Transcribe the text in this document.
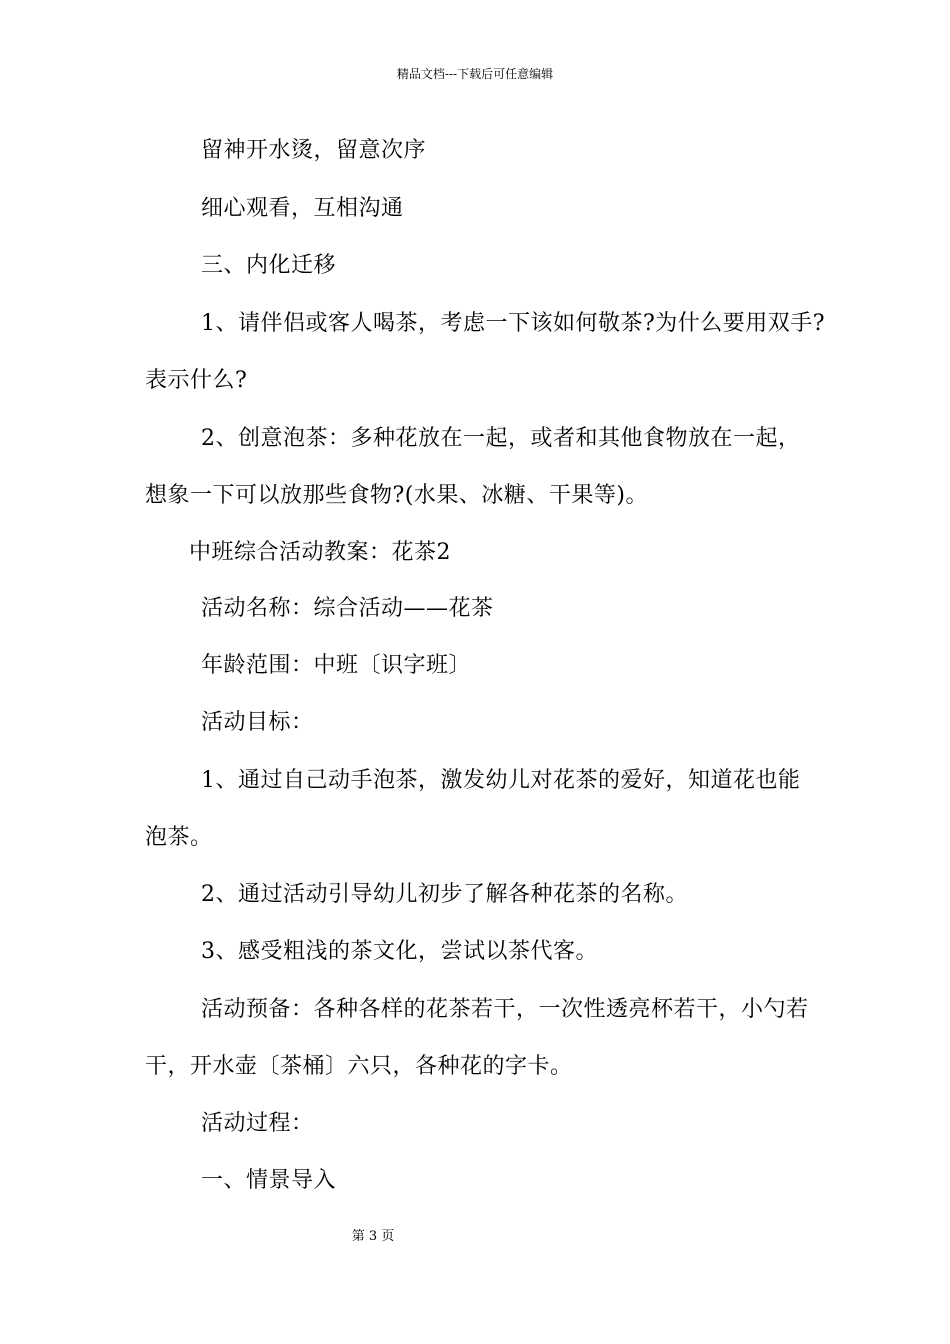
精品文档---下载后可任意编辑
留神开水烫，留意次序
细心观看，互相沟通
三、内化迁移
1、请伴侣或客人喝茶，考虑一下该如何敬茶?为什么要用双手?
表示什么?
2、创意泡茶：多种花放在一起，或者和其他食物放在一起，
想象一下可以放那些食物?(水果、冰糖、干果等)。
中班综合活动教案：花茶2
活动名称：综合活动——花茶
年龄范围：中班〔识字班〕
活动目标：
1、通过自己动手泡茶，激发幼儿对花茶的爱好，知道花也能
泡茶。
2、通过活动引导幼儿初步了解各种花茶的名称。
3、感受粗浅的茶文化，尝试以茶代客。
活动预备：各种各样的花茶若干，一次性透亮杯若干，小勺若
干，开水壶〔茶桶〕六只，各种花的字卡。
活动过程：
一、情景导入
第 3 页
